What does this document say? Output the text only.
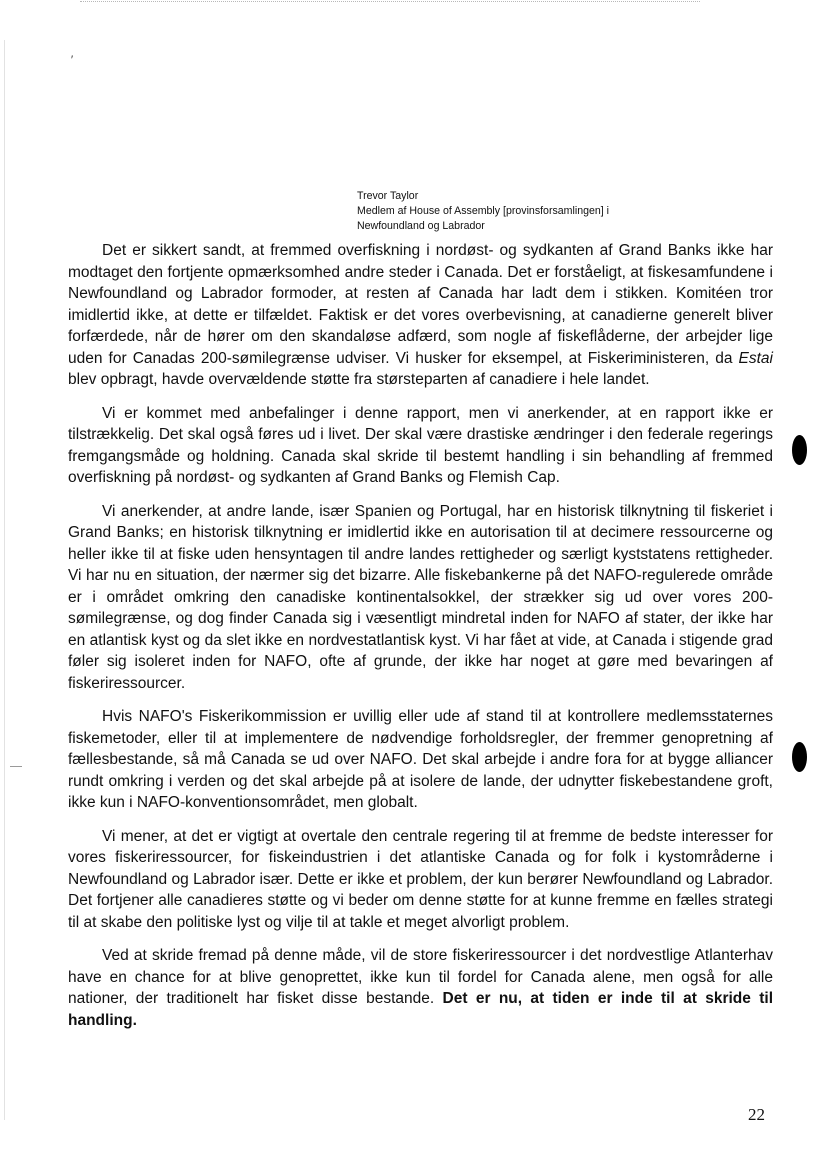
′
Trevor Taylor
Medlem af House of Assembly [provinsforsamlingen] i
Newfoundland og Labrador

Det er sikkert sandt, at fremmed overfiskning i nordøst- og sydkanten af Grand Banks ikke har modtaget den fortjente opmærksomhed andre steder i Canada. Det er forståeligt, at fiskesamfundene i Newfoundland og Labrador formoder, at resten af Canada har ladt dem i stikken. Komitéen tror imidlertid ikke, at dette er tilfældet. Faktisk er det vores overbevisning, at canadierne generelt bliver forfærdede, når de hører om den skandaløse adfærd, som nogle af fiskeflåderne, der arbejder lige uden for Canadas 200-sømilegrænse udviser. Vi husker for eksempel, at Fiskeriministeren, da Estai blev opbragt, havde overvældende støtte fra størsteparten af canadiere i hele landet.

Vi er kommet med anbefalinger i denne rapport, men vi anerkender, at en rapport ikke er tilstrækkelig. Det skal også føres ud i livet. Der skal være drastiske ændringer i den federale regerings fremgangsmåde og holdning. Canada skal skride til bestemt handling i sin behandling af fremmed overfiskning på nordøst- og sydkanten af Grand Banks og Flemish Cap.

Vi anerkender, at andre lande, især Spanien og Portugal, har en historisk tilknytning til fiskeriet i Grand Banks; en historisk tilknytning er imidlertid ikke en autorisation til at decimere ressourcerne og heller ikke til at fiske uden hensyntagen til andre landes rettigheder og særligt kyststatens rettigheder. Vi har nu en situation, der nærmer sig det bizarre. Alle fiskebankerne på det NAFO-regulerede område er i området omkring den canadiske kontinentalsokkel, der strækker sig ud over vores 200-sømilegrænse, og dog finder Canada sig i væsentligt mindretal inden for NAFO af stater, der ikke har en atlantisk kyst og da slet ikke en nordvestatlantisk kyst. Vi har fået at vide, at Canada i stigende grad føler sig isoleret inden for NAFO, ofte af grunde, der ikke har noget at gøre med bevaringen af fiskeriressourcer.

Hvis NAFO's Fiskerikommission er uvillig eller ude af stand til at kontrollere medlemsstaternes fiskemetoder, eller til at implementere de nødvendige forholdsregler, der fremmer genopretning af fællesbestande, så må Canada se ud over NAFO. Det skal arbejde i andre fora for at bygge alliancer rundt omkring i verden og det skal arbejde på at isolere de lande, der udnytter fiskebestandene groft, ikke kun i NAFO-konventionsområdet, men globalt.

Vi mener, at det er vigtigt at overtale den centrale regering til at fremme de bedste interesser for vores fiskeriressourcer, for fiskeindustrien i det atlantiske Canada og for folk i kystområderne i Newfoundland og Labrador især. Dette er ikke et problem, der kun berører Newfoundland og Labrador. Det fortjener alle canadieres støtte og vi beder om denne støtte for at kunne fremme en fælles strategi til at skabe den politiske lyst og vilje til at takle et meget alvorligt problem.

Ved at skride fremad på denne måde, vil de store fiskeriressourcer i det nordvestlige Atlanterhav have en chance for at blive genoprettet, ikke kun til fordel for Canada alene, men også for alle nationer, der traditionelt har fisket disse bestande. Det er nu, at tiden er inde til at skride til handling.

22
